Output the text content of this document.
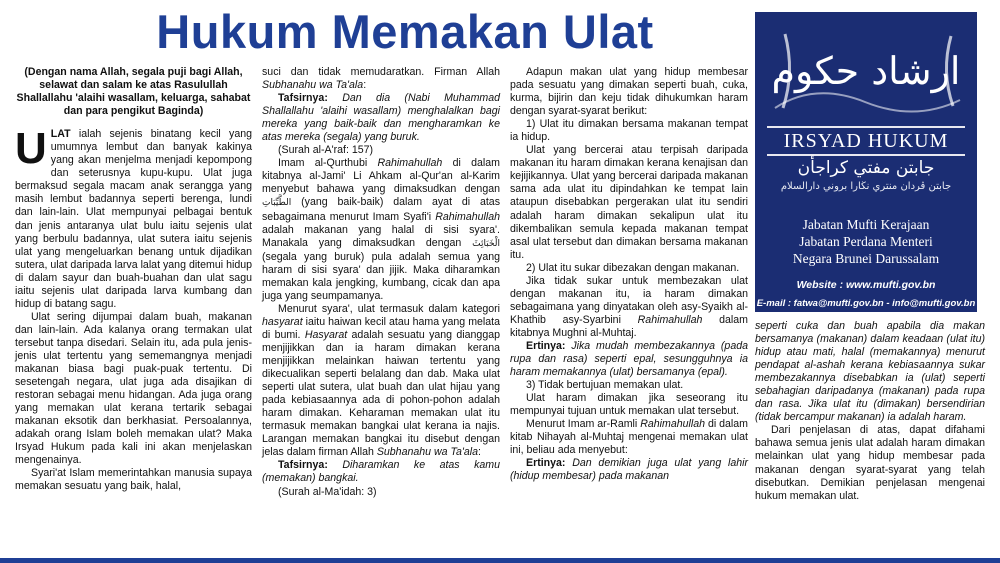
Hukum Memakan Ulat

(Dengan nama Allah, segala puji bagi Allah, selawat dan salam ke atas Rasulullah Shallallahu 'alaihi wasallam, keluarga, sahabat dan para pengikut Baginda)

ULAT ialah sejenis binatang kecil yang umumnya lembut dan banyak kakinya yang akan menjelma menjadi kepompong dan seterusnya kupu-kupu. Ulat juga bermaksud segala macam anak serangga yang masih lembut badannya seperti berenga, lundi dan lain-lain. Ulat mempunyai pelbagai bentuk dan jenis antaranya ulat bulu iaitu sejenis ulat yang berbulu badannya, ulat sutera iaitu sejenis ulat yang mengeluarkan benang untuk dijadikan sutera, ulat daripada larva lalat yang ditemui hidup di dalam sayur dan buah-buahan dan ulat sagu iaitu sejenis ulat daripada larva kumbang dan hidup di batang sagu.

Ulat sering dijumpai dalam buah, makanan dan lain-lain. Ada kalanya orang termakan ulat tersebut tanpa disedari. Selain itu, ada pula jenis-jenis ulat tertentu yang sememangnya menjadi makanan biasa bagi puak-puak tertentu. Di sesetengah negara, ulat juga ada disajikan di restoran sebagai menu hidangan. Ada juga orang yang memakan ulat kerana tertarik sebagai makanan eksotik dan berkhasiat. Persoalannya, adakah orang Islam boleh memakan ulat? Maka Irsyad Hukum pada kali ini akan menjelaskan mengenainya.

Syari'at Islam memerintahkan manusia supaya memakan sesuatu yang baik, halal,

suci dan tidak memudaratkan. Firman Allah Subhanahu wa Ta'ala:

Tafsirnya: Dan dia (Nabi Muhammad Shallallahu 'alaihi wasallam) menghalalkan bagi mereka yang baik-baik dan mengharamkan ke atas mereka (segala) yang buruk.

(Surah al-A'raf: 157)

Imam al-Qurthubi Rahimahullah di dalam kitabnya al-Jami' Li Ahkam al-Qur'an al-Karim menyebut bahawa yang dimaksudkan dengan الطَّيِّبَاتِ (yang baik-baik) dalam ayat di atas sebagaimana menurut Imam Syafi'i Rahimahullah adalah makanan yang halal di sisi syara'. Manakala yang dimaksudkan dengan الْخَبَائِثَ (segala yang buruk) pula adalah semua yang haram di sisi syara' dan jijik. Maka diharamkan memakan kala jengking, kumbang, cicak dan apa juga yang seumpamanya.

Menurut syara', ulat termasuk dalam kategori hasyarat iaitu haiwan kecil atau hama yang melata di bumi. Hasyarat adalah sesuatu yang dianggap menjijikkan dan ia haram dimakan kerana menjijikkan melainkan haiwan tertentu yang dikecualikan seperti belalang dan dab. Maka ulat seperti ulat sutera, ulat buah dan ulat hijau yang pada kebiasaannya ada di pohon-pohon adalah haram dimakan. Keharaman memakan ulat itu termasuk memakan bangkai ulat kerana ia najis. Larangan memakan bangkai itu disebut dengan jelas dalam firman Allah Subhanahu wa Ta'ala:

Tafsirnya: Diharamkan ke atas kamu (memakan) bangkai.

(Surah al-Ma'idah: 3)

Adapun makan ulat yang hidup membesar pada sesuatu yang dimakan seperti buah, cuka, kurma, bijirin dan keju tidak dihukumkan haram dengan syarat-syarat berikut:

1) Ulat itu dimakan bersama makanan tempat ia hidup.

Ulat yang bercerai atau terpisah daripada makanan itu haram dimakan kerana kenajisan dan kejijikannya. Ulat yang bercerai daripada makanan sama ada ulat itu dipindahkan ke tempat lain ataupun disebabkan pergerakan ulat itu sendiri adalah haram dimakan sekalipun ulat itu dikembalikan semula kepada makanan tempat asal ulat tersebut dan dimakan bersama makanan itu.

2) Ulat itu sukar dibezakan dengan makanan.

Jika tidak sukar untuk membezakan ulat dengan makanan itu, ia haram dimakan sebagaimana yang dinyatakan oleh asy-Syaikh al-Khathib asy-Syarbini Rahimahullah dalam kitabnya Mughni al-Muhtaj.

Ertinya: Jika mudah membezakannya (pada rupa dan rasa) seperti epal, sesungguhnya ia haram memakannya (ulat) bersamanya (epal).

3) Tidak bertujuan memakan ulat.

Ulat haram dimakan jika seseorang itu mempunyai tujuan untuk memakan ulat tersebut.

Menurut Imam ar-Ramli Rahimahullah di dalam kitab Nihayah al-Muhtaj mengenai memakan ulat ini, beliau ada menyebut:

Ertinya: Dan demikian juga ulat yang lahir (hidup membesar) pada makanan

ارشاد حكوم
IRSYAD HUKUM
جابتن مفتي كراجأن
جابتن ڤردان منتري نڬارا بروني دارالسلام
Jabatan Mufti Kerajaan
Jabatan Perdana Menteri
Negara Brunei Darussalam
Website : www.mufti.gov.bn
E-mail : fatwa@mufti.gov.bn - info@mufti.gov.bn

seperti cuka dan buah apabila dia makan bersamanya (makanan) dalam keadaan (ulat itu) hidup atau mati, halal (memakannya) menurut pendapat al-ashah kerana kebiasaannya sukar membezakannya disebabkan ia (ulat) seperti sebahagian daripadanya (makanan) pada rupa dan rasa. Jika ulat itu (dimakan) bersendirian (tidak bercampur makanan) ia adalah haram.

Dari penjelasan di atas, dapat difahami bahawa semua jenis ulat adalah haram dimakan melainkan ulat yang hidup membesar pada makanan dengan syarat-syarat yang telah disebutkan. Demikian penjelasan mengenai hukum memakan ulat.
